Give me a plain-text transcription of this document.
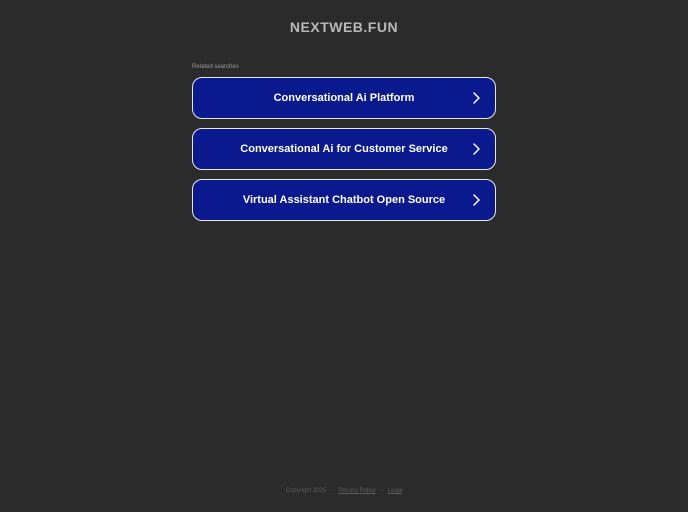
NEXTWEB.FUN
Related searches
Conversational Ai Platform
Conversational Ai for Customer Service
Virtual Assistant Chatbot Open Source
Copyright 2025 - Privacy Policy - Legal
